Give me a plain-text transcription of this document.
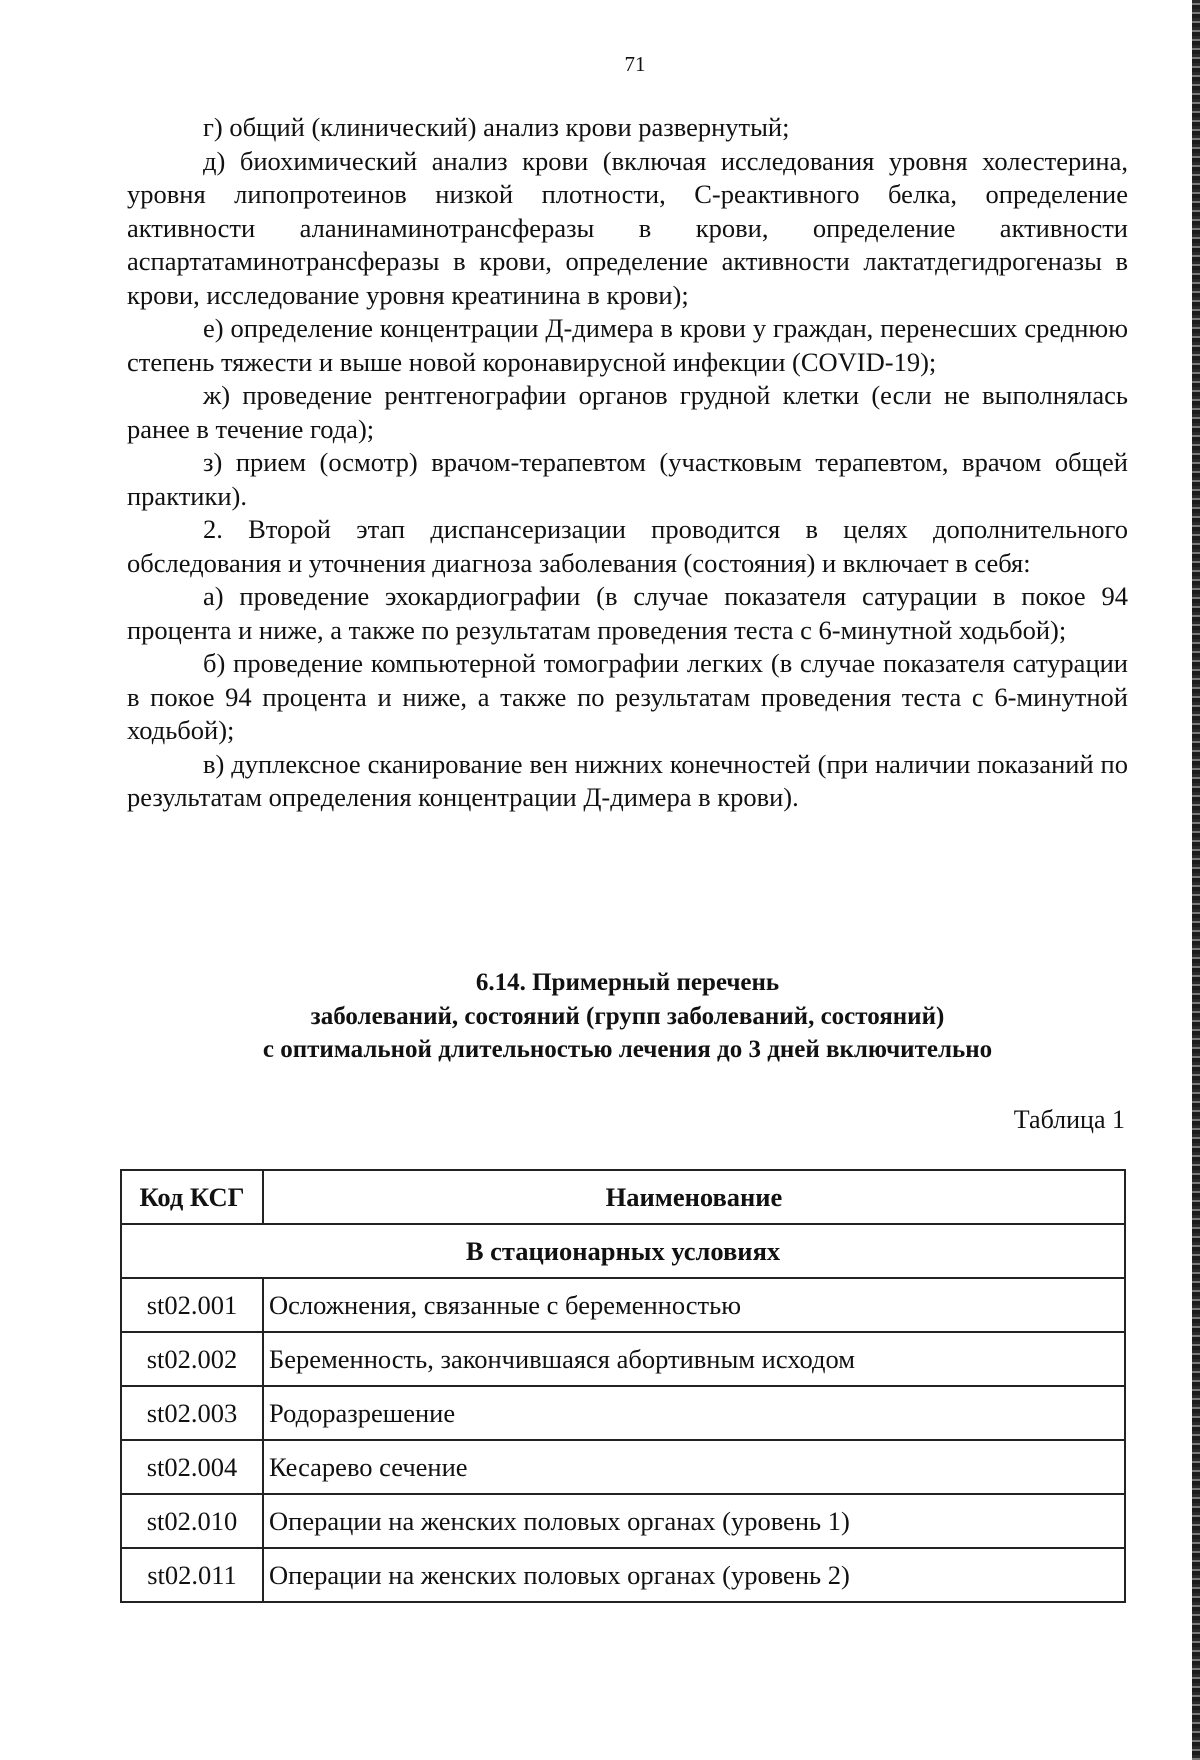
71

г) общий (клинический) анализ крови развернутый;

д) биохимический анализ крови (включая исследования уровня холестерина, уровня липопротеинов низкой плотности, С-реактивного белка, определение активности аланинаминотрансферазы в крови, определение активности аспартатаминотрансферазы в крови, определение активности лактатдегидрогеназы в крови, исследование уровня креатинина в крови);

е) определение концентрации Д-димера в крови у граждан, перенесших среднюю степень тяжести и выше новой коронавирусной инфекции (COVID-19);

ж) проведение рентгенографии органов грудной клетки (если не выполнялась ранее в течение года);

з) прием (осмотр) врачом-терапевтом (участковым терапевтом, врачом общей практики).

2. Второй этап диспансеризации проводится в целях дополнительного обследования и уточнения диагноза заболевания (состояния) и включает в себя:

а) проведение эхокардиографии (в случае показателя сатурации в покое 94 процента и ниже, а также по результатам проведения теста с 6-минутной ходьбой);

б) проведение компьютерной томографии легких (в случае показателя сатурации в покое 94 процента и ниже, а также по результатам проведения теста с 6-минутной ходьбой);

в) дуплексное сканирование вен нижних конечностей (при наличии показаний по результатам определения концентрации Д-димера в крови).

6.14. Примерный перечень
заболеваний, состояний (групп заболеваний, состояний)
с оптимальной длительностью лечения до 3 дней включительно
Таблица 1
Код КСГ	Наименование
В стационарных условиях	
st02.001	Осложнения, связанные с беременностью
st02.002	Беременность, закончившаяся абортивным исходом
st02.003	Родоразрешение
st02.004	Кесарево сечение
st02.010	Операции на женских половых органах (уровень 1)
st02.011	Операции на женских половых органах (уровень 2)
